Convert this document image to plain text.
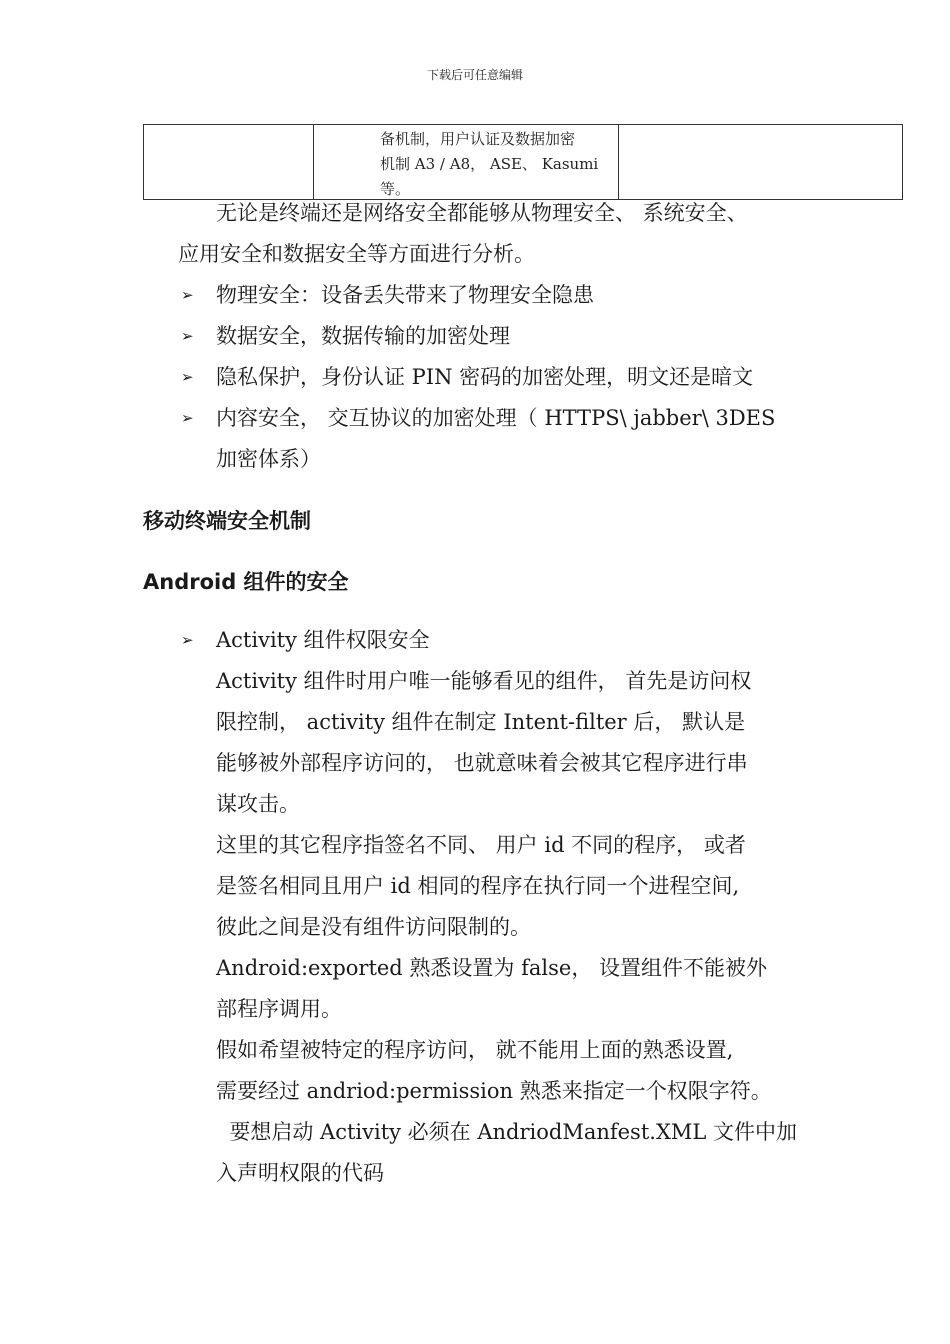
下载后可任意编辑

备机制，用户认证及数据加密
机制 A3 / A8， ASE、 Kasumi
等。
无论是终端还是网络安全都能够从物理安全、 系统安全、
应用安全和数据安全等方面进行分析。
➢ 物理安全：设备丢失带来了物理安全隐患
➢ 数据安全，数据传输的加密处理
➢ 隐私保护，身份认证 PIN 密码的加密处理，明文还是暗文
➢ 内容安全， 交互协议的加密处理（ HTTPS\ jabber\ 3DES
加密体系）
移动终端安全机制
Android 组件的安全
➢ Activity 组件权限安全
Activity 组件时用户唯一能够看见的组件， 首先是访问权
限控制， activity 组件在制定 Intent-filter 后， 默认是
能够被外部程序访问的， 也就意味着会被其它程序进行串
谋攻击。
这里的其它程序指签名不同、 用户 id 不同的程序， 或者
是签名相同且用户 id 相同的程序在执行同一个进程空间,
彼此之间是没有组件访问限制的。
Android:exported 熟悉设置为 false， 设置组件不能被外
部程序调用。
假如希望被特定的程序访问， 就不能用上面的熟悉设置,
需要经过 andriod:permission 熟悉来指定一个权限字符。
要想启动 Activity 必须在 AndriodManfest.XML 文件中加
入声明权限的代码
